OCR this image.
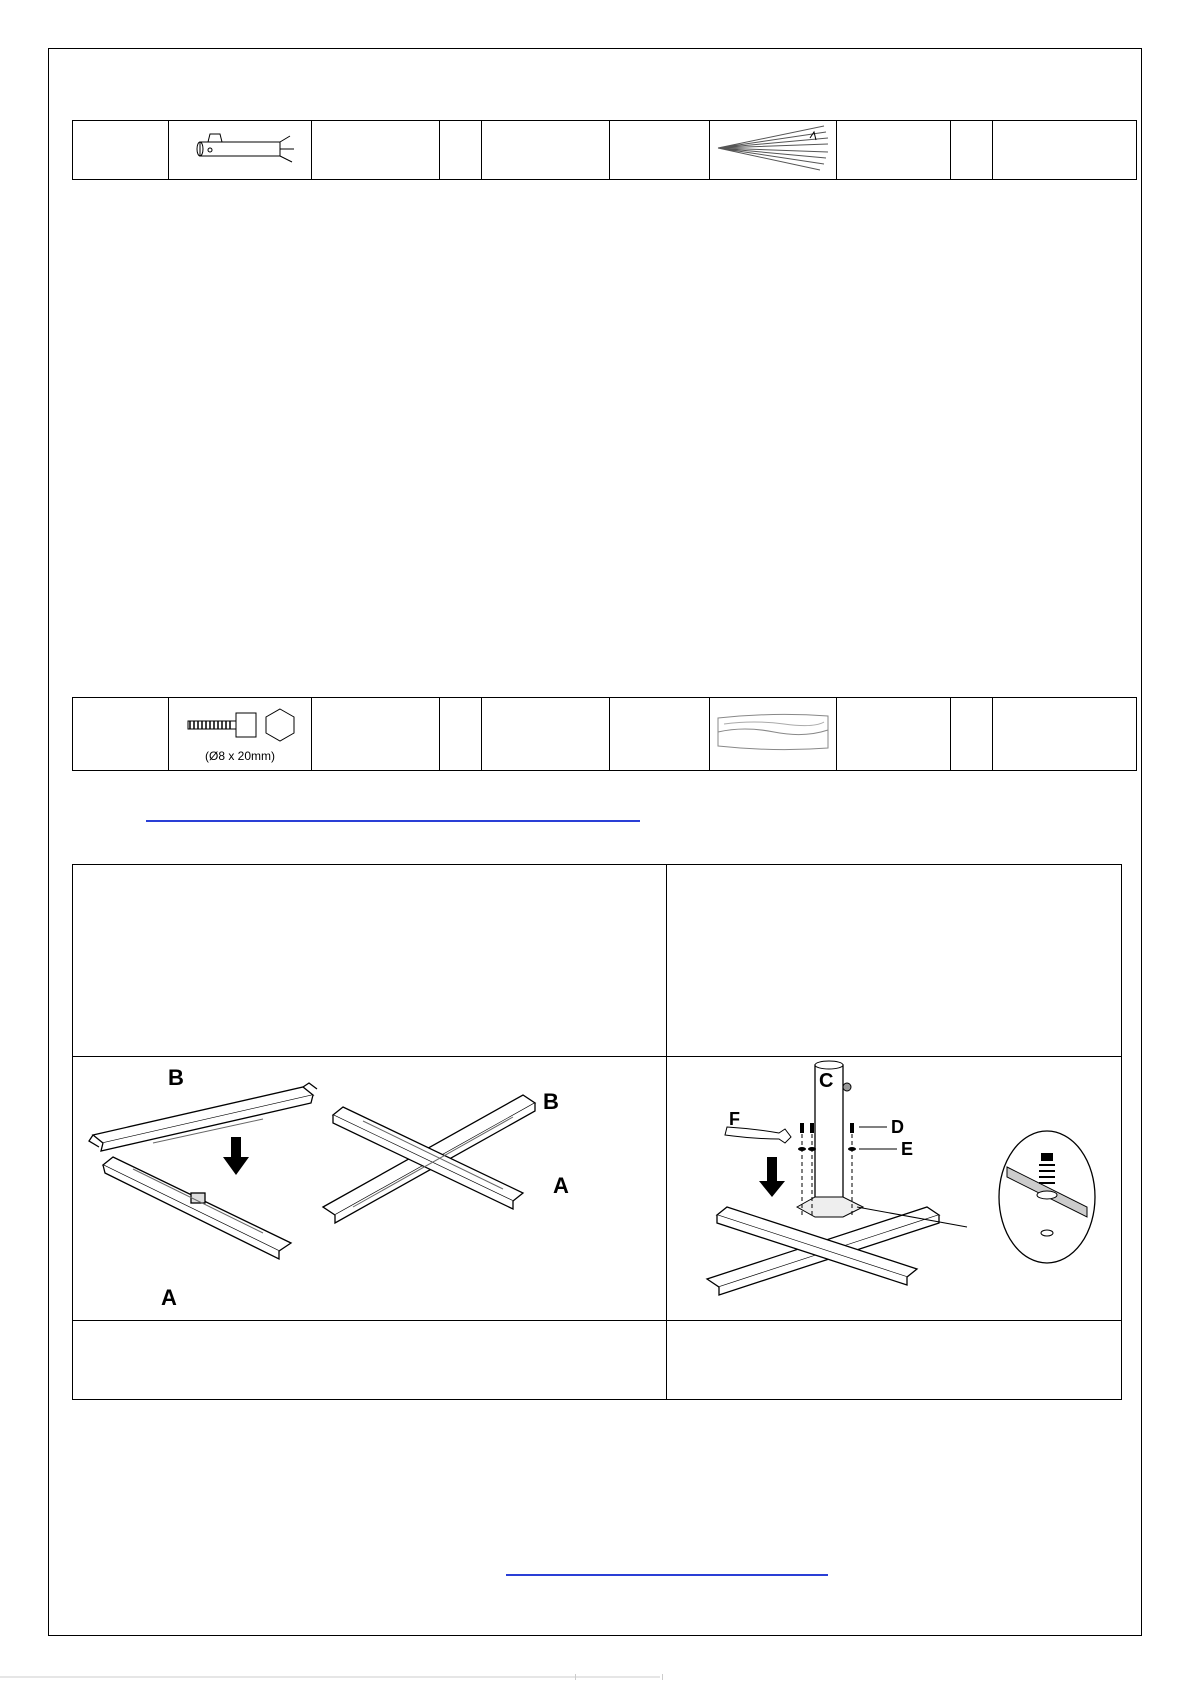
(Ø8 x 20mm)

B
A
B
A	C
F D
E
